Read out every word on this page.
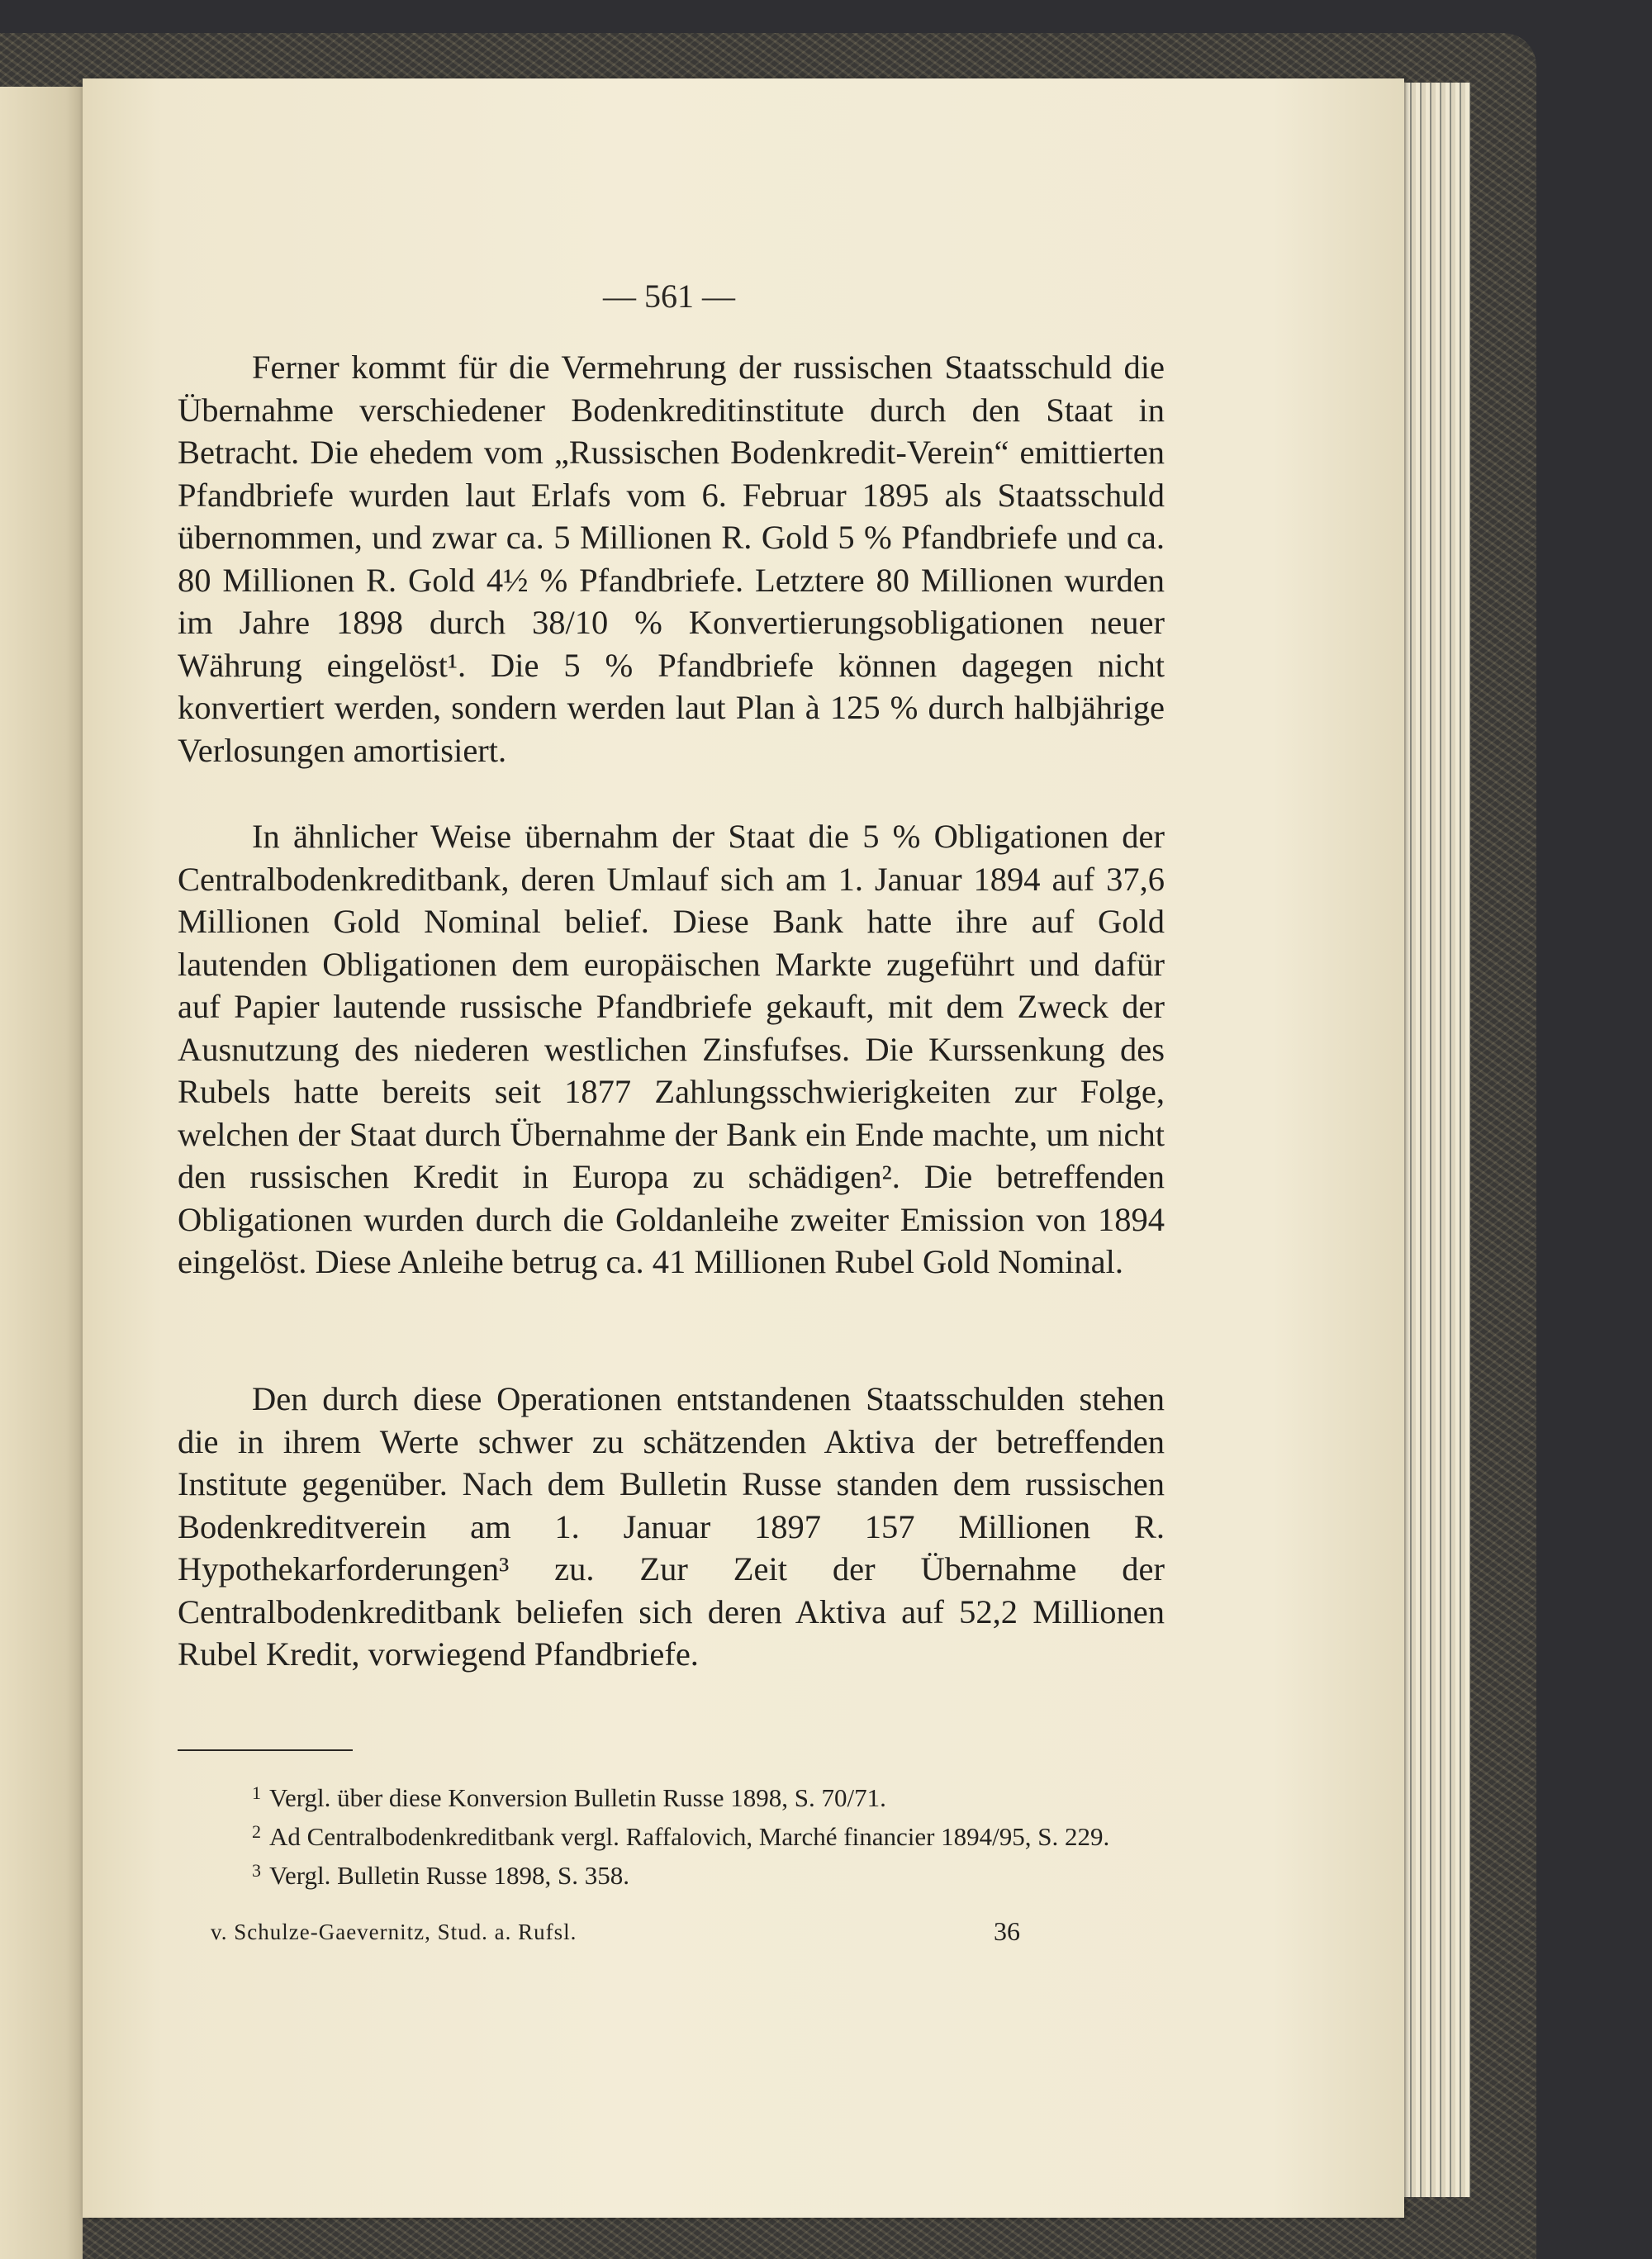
— 561 —

Ferner kommt für die Vermehrung der russischen Staatsschuld die Übernahme verschiedener Bodenkreditinstitute durch den Staat in Betracht. Die ehedem vom „Russischen Bodenkredit-Verein“ emittierten Pfandbriefe wurden laut Erlafs vom 6. Februar 1895 als Staatsschuld übernommen, und zwar ca. 5 Millionen R. Gold 5 % Pfandbriefe und ca. 80 Millionen R. Gold 4½ % Pfandbriefe. Letztere 80 Millionen wurden im Jahre 1898 durch 38/10 % Konvertierungsobligationen neuer Währung eingelöst¹. Die 5 % Pfandbriefe können dagegen nicht konvertiert werden, sondern werden laut Plan à 125 % durch halbjährige Verlosungen amortisiert.

In ähnlicher Weise übernahm der Staat die 5 % Obligationen der Centralbodenkreditbank, deren Umlauf sich am 1. Januar 1894 auf 37,6 Millionen Gold Nominal belief. Diese Bank hatte ihre auf Gold lautenden Obligationen dem europäischen Markte zugeführt und dafür auf Papier lautende russische Pfandbriefe gekauft, mit dem Zweck der Ausnutzung des niederen westlichen Zinsfufses. Die Kurssenkung des Rubels hatte bereits seit 1877 Zahlungsschwierigkeiten zur Folge, welchen der Staat durch Übernahme der Bank ein Ende machte, um nicht den russischen Kredit in Europa zu schädigen². Die betreffenden Obligationen wurden durch die Goldanleihe zweiter Emission von 1894 eingelöst. Diese Anleihe betrug ca. 41 Millionen Rubel Gold Nominal.

Den durch diese Operationen entstandenen Staatsschulden stehen die in ihrem Werte schwer zu schätzenden Aktiva der betreffenden Institute gegenüber. Nach dem Bulletin Russe standen dem russischen Bodenkreditverein am 1. Januar 1897 157 Millionen R. Hypothekarforderungen³ zu. Zur Zeit der Übernahme der Centralbodenkreditbank beliefen sich deren Aktiva auf 52,2 Millionen Rubel Kredit, vorwiegend Pfandbriefe.

$^1$ Vergl. über diese Konversion Bulletin Russe 1898, S. 70/71.

$^2$ Ad Centralbodenkreditbank vergl. Raffalovich, Marché financier 1894/95, S. 229.

$^3$ Vergl. Bulletin Russe 1898, S. 358.

v. Schulze-Gaevernitz, Stud. a. Rufsl.	36
